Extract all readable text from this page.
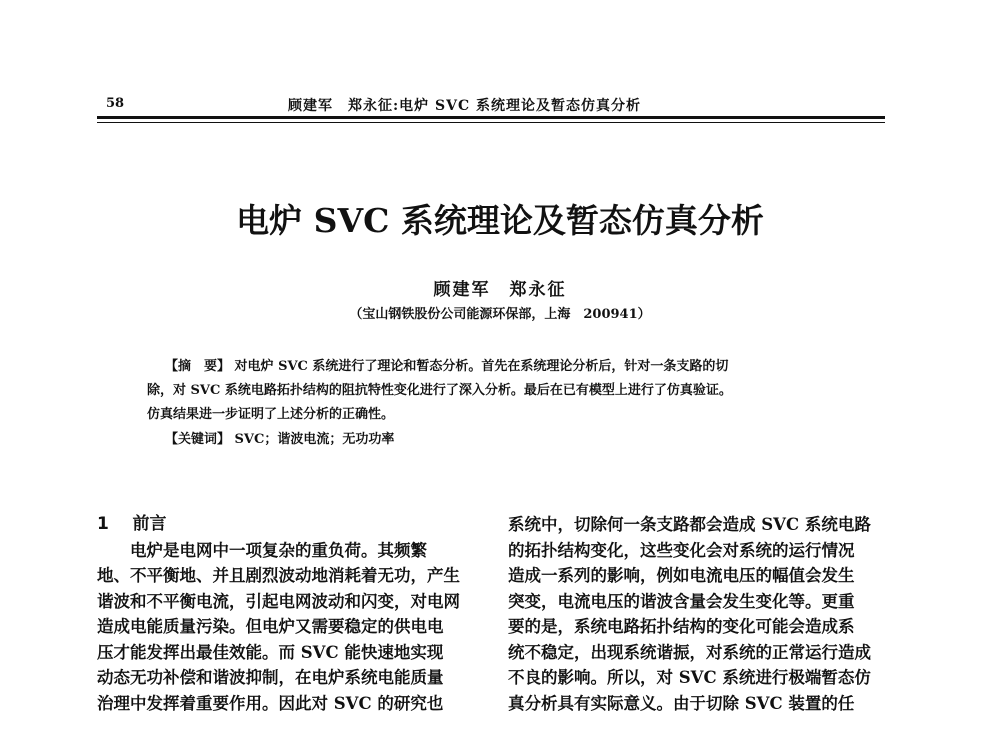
58	顾建军　郑永征:电炉 SVC 系统理论及暂态仿真分析
电炉 SVC 系统理论及暂态仿真分析
顾建军　郑永征
（宝山钢铁股份公司能源环保部，上海　200941）
【摘　要】 对电炉 SVC 系统进行了理论和暂态分析。首先在系统理论分析后，针对一条支路的切
除，对 SVC 系统电路拓扑结构的阻抗特性变化进行了深入分析。最后在已有模型上进行了仿真验证。
仿真结果进一步证明了上述分析的正确性。
【关键词】 SVC；谐波电流；无功功率
1 前言
　　电炉是电网中一项复杂的重负荷。其频繁
地、不平衡地、并且剧烈波动地消耗着无功，产生
谐波和不平衡电流，引起电网波动和闪变，对电网
造成电能质量污染。但电炉又需要稳定的供电电
压才能发挥出最佳效能。而 SVC 能快速地实现
动态无功补偿和谐波抑制，在电炉系统电能质量
治理中发挥着重要作用。因此对 SVC 的研究也
系统中，切除何一条支路都会造成 SVC 系统电路
的拓扑结构变化，这些变化会对系统的运行情况
造成一系列的影响，例如电流电压的幅值会发生
突变，电流电压的谐波含量会发生变化等。更重
要的是，系统电路拓扑结构的变化可能会造成系
统不稳定，出现系统谐振，对系统的正常运行造成
不良的影响。所以，对 SVC 系统进行极端暂态仿
真分析具有实际意义。由于切除 SVC 装置的任
